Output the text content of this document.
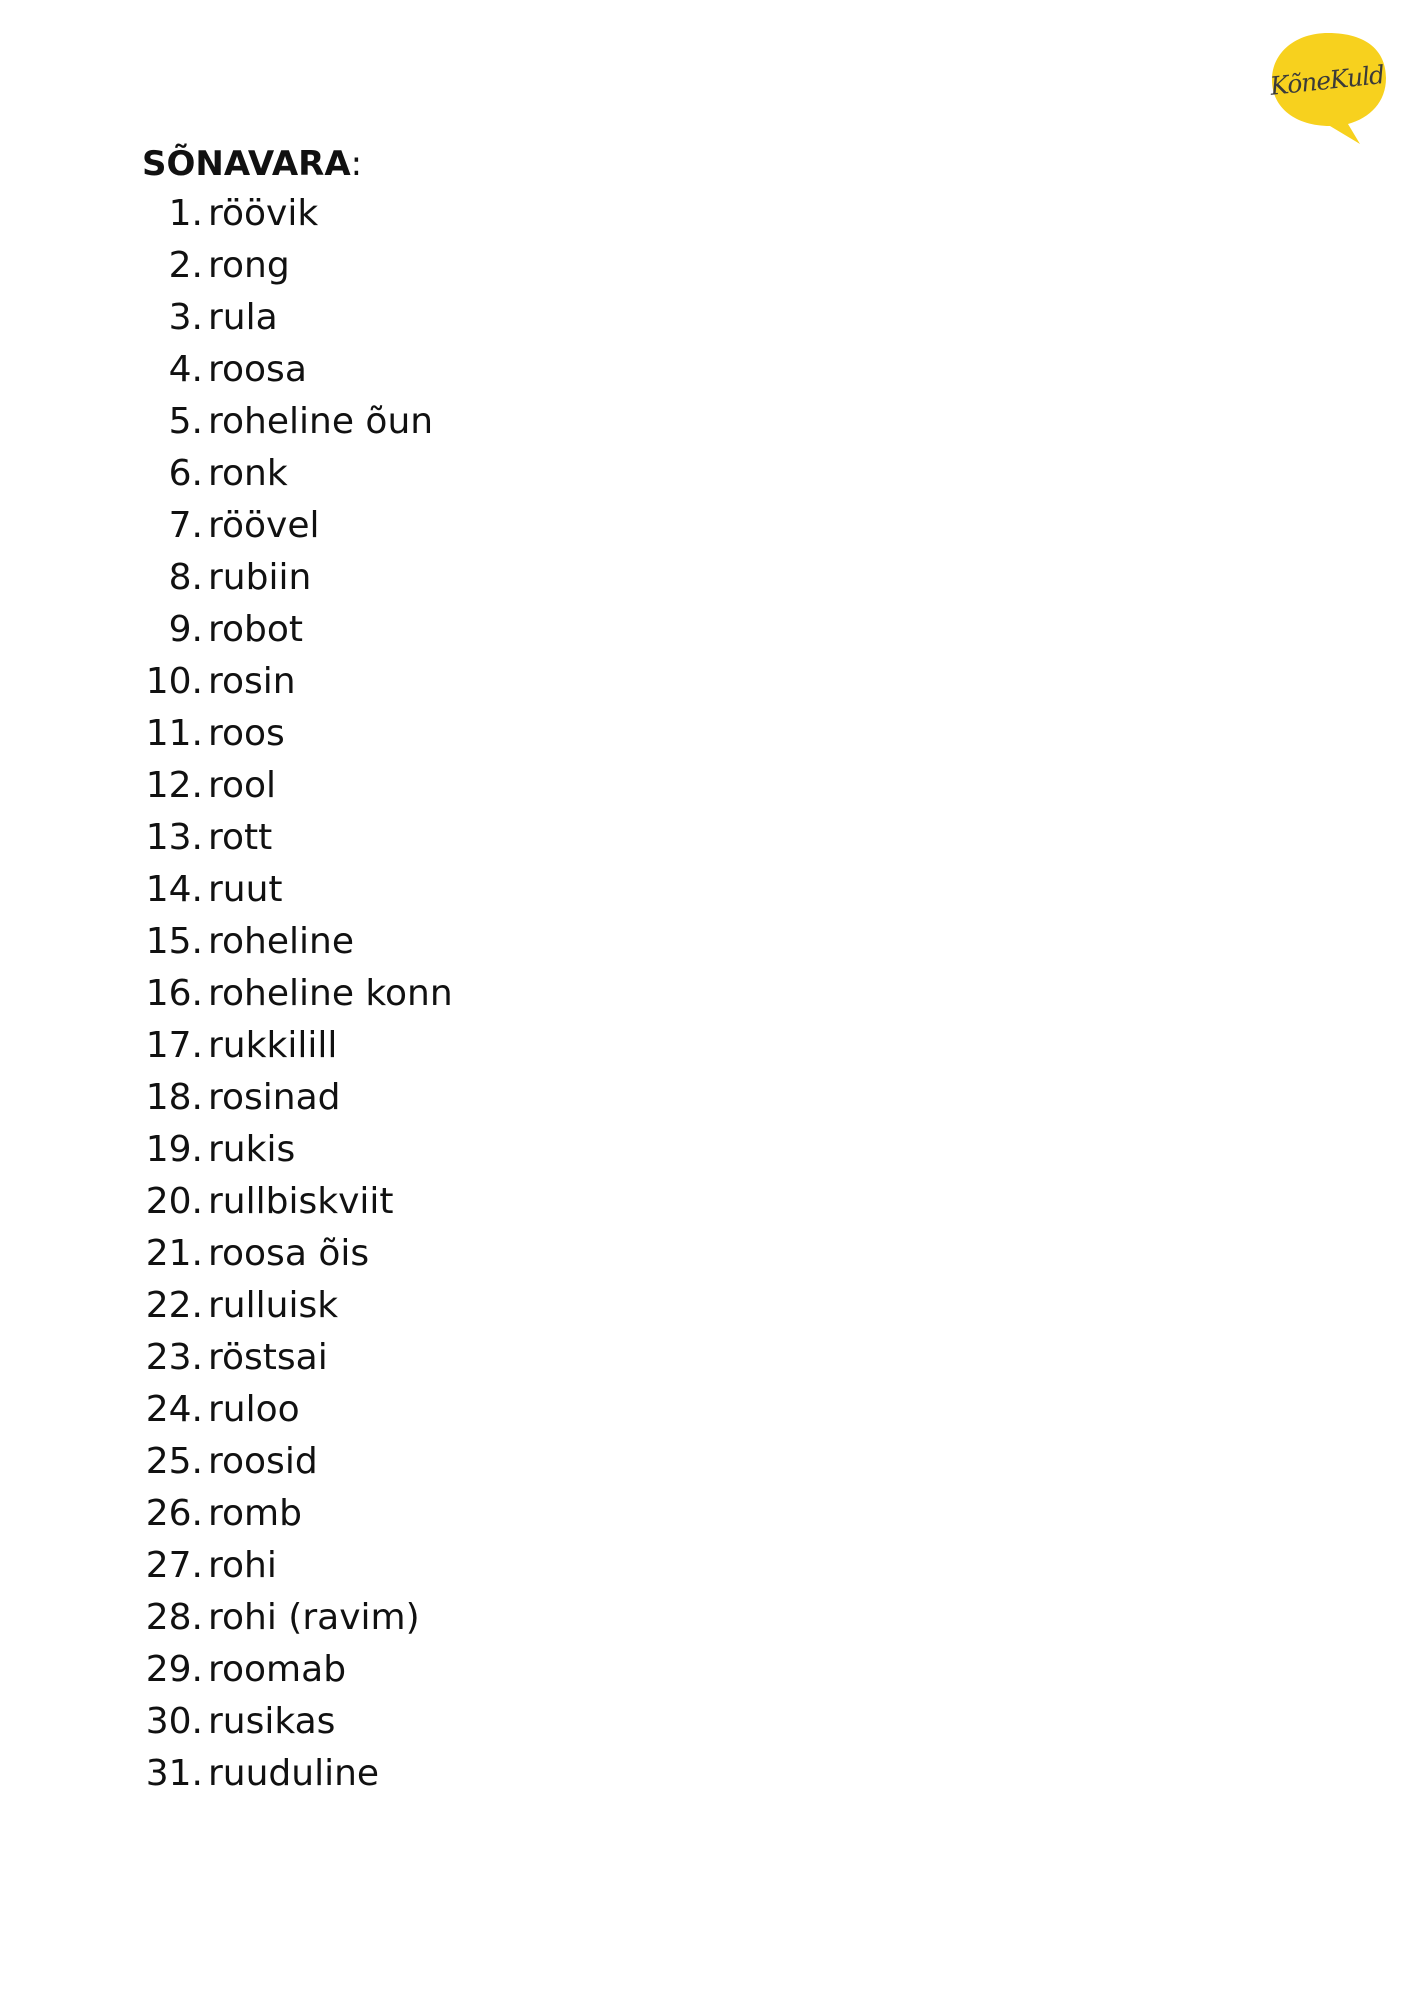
KõneKuld
SÕNAVARA:
1. röövik
2. rong
3. rula
4. roosa
5. roheline õun
6. ronk
7. röövel
8. rubiin
9. robot
10. rosin
11. roos
12. rool
13. rott
14. ruut
15. roheline
16. roheline konn
17. rukkilill
18. rosinad
19. rukis
20. rullbiskviit
21. roosa õis
22. rulluisk
23. röstsai
24. ruloo
25. roosid
26. romb
27. rohi
28. rohi (ravim)
29. roomab
30. rusikas
31. ruuduline
